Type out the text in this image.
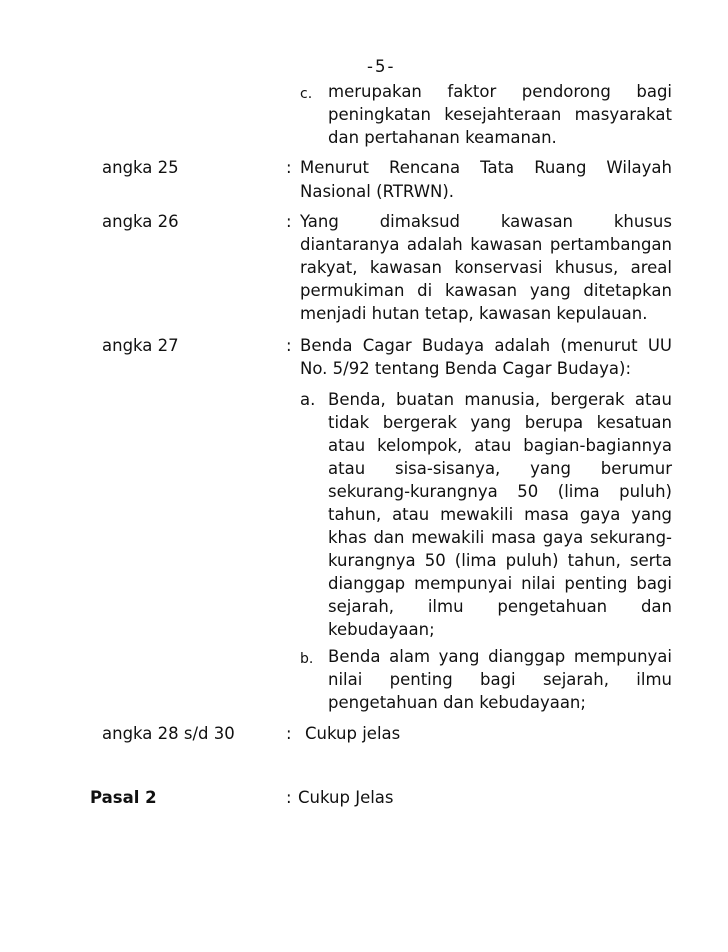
-5-
c. merupakan faktor pendorong bagi
peningkatan kesejahteraan masyarakat
dan pertahanan keamanan.
angka 25	: Menurut Rencana Tata Ruang Wilayah
Nasional (RTRWN).
angka 26	: Yang dimaksud kawasan khusus
diantaranya adalah kawasan pertambangan
rakyat, kawasan konservasi khusus, areal
permukiman di kawasan yang ditetapkan
menjadi hutan tetap, kawasan kepulauan.
angka 27	: Benda Cagar Budaya adalah (menurut UU
No. 5/92 tentang Benda Cagar Budaya):
a. Benda, buatan manusia, bergerak atau
tidak bergerak yang berupa kesatuan
atau kelompok, atau bagian-bagiannya
atau sisa-sisanya, yang berumur
sekurang-kurangnya 50 (lima puluh)
tahun, atau mewakili masa gaya yang
khas dan mewakili masa gaya sekurang-
kurangnya 50 (lima puluh) tahun, serta
dianggap mempunyai nilai penting bagi
sejarah, ilmu pengetahuan dan
kebudayaan;
b. Benda alam yang dianggap mempunyai
nilai penting bagi sejarah, ilmu
pengetahuan dan kebudayaan;
angka 28 s/d 30	: Cukup jelas
Pasal 2	: Cukup Jelas
